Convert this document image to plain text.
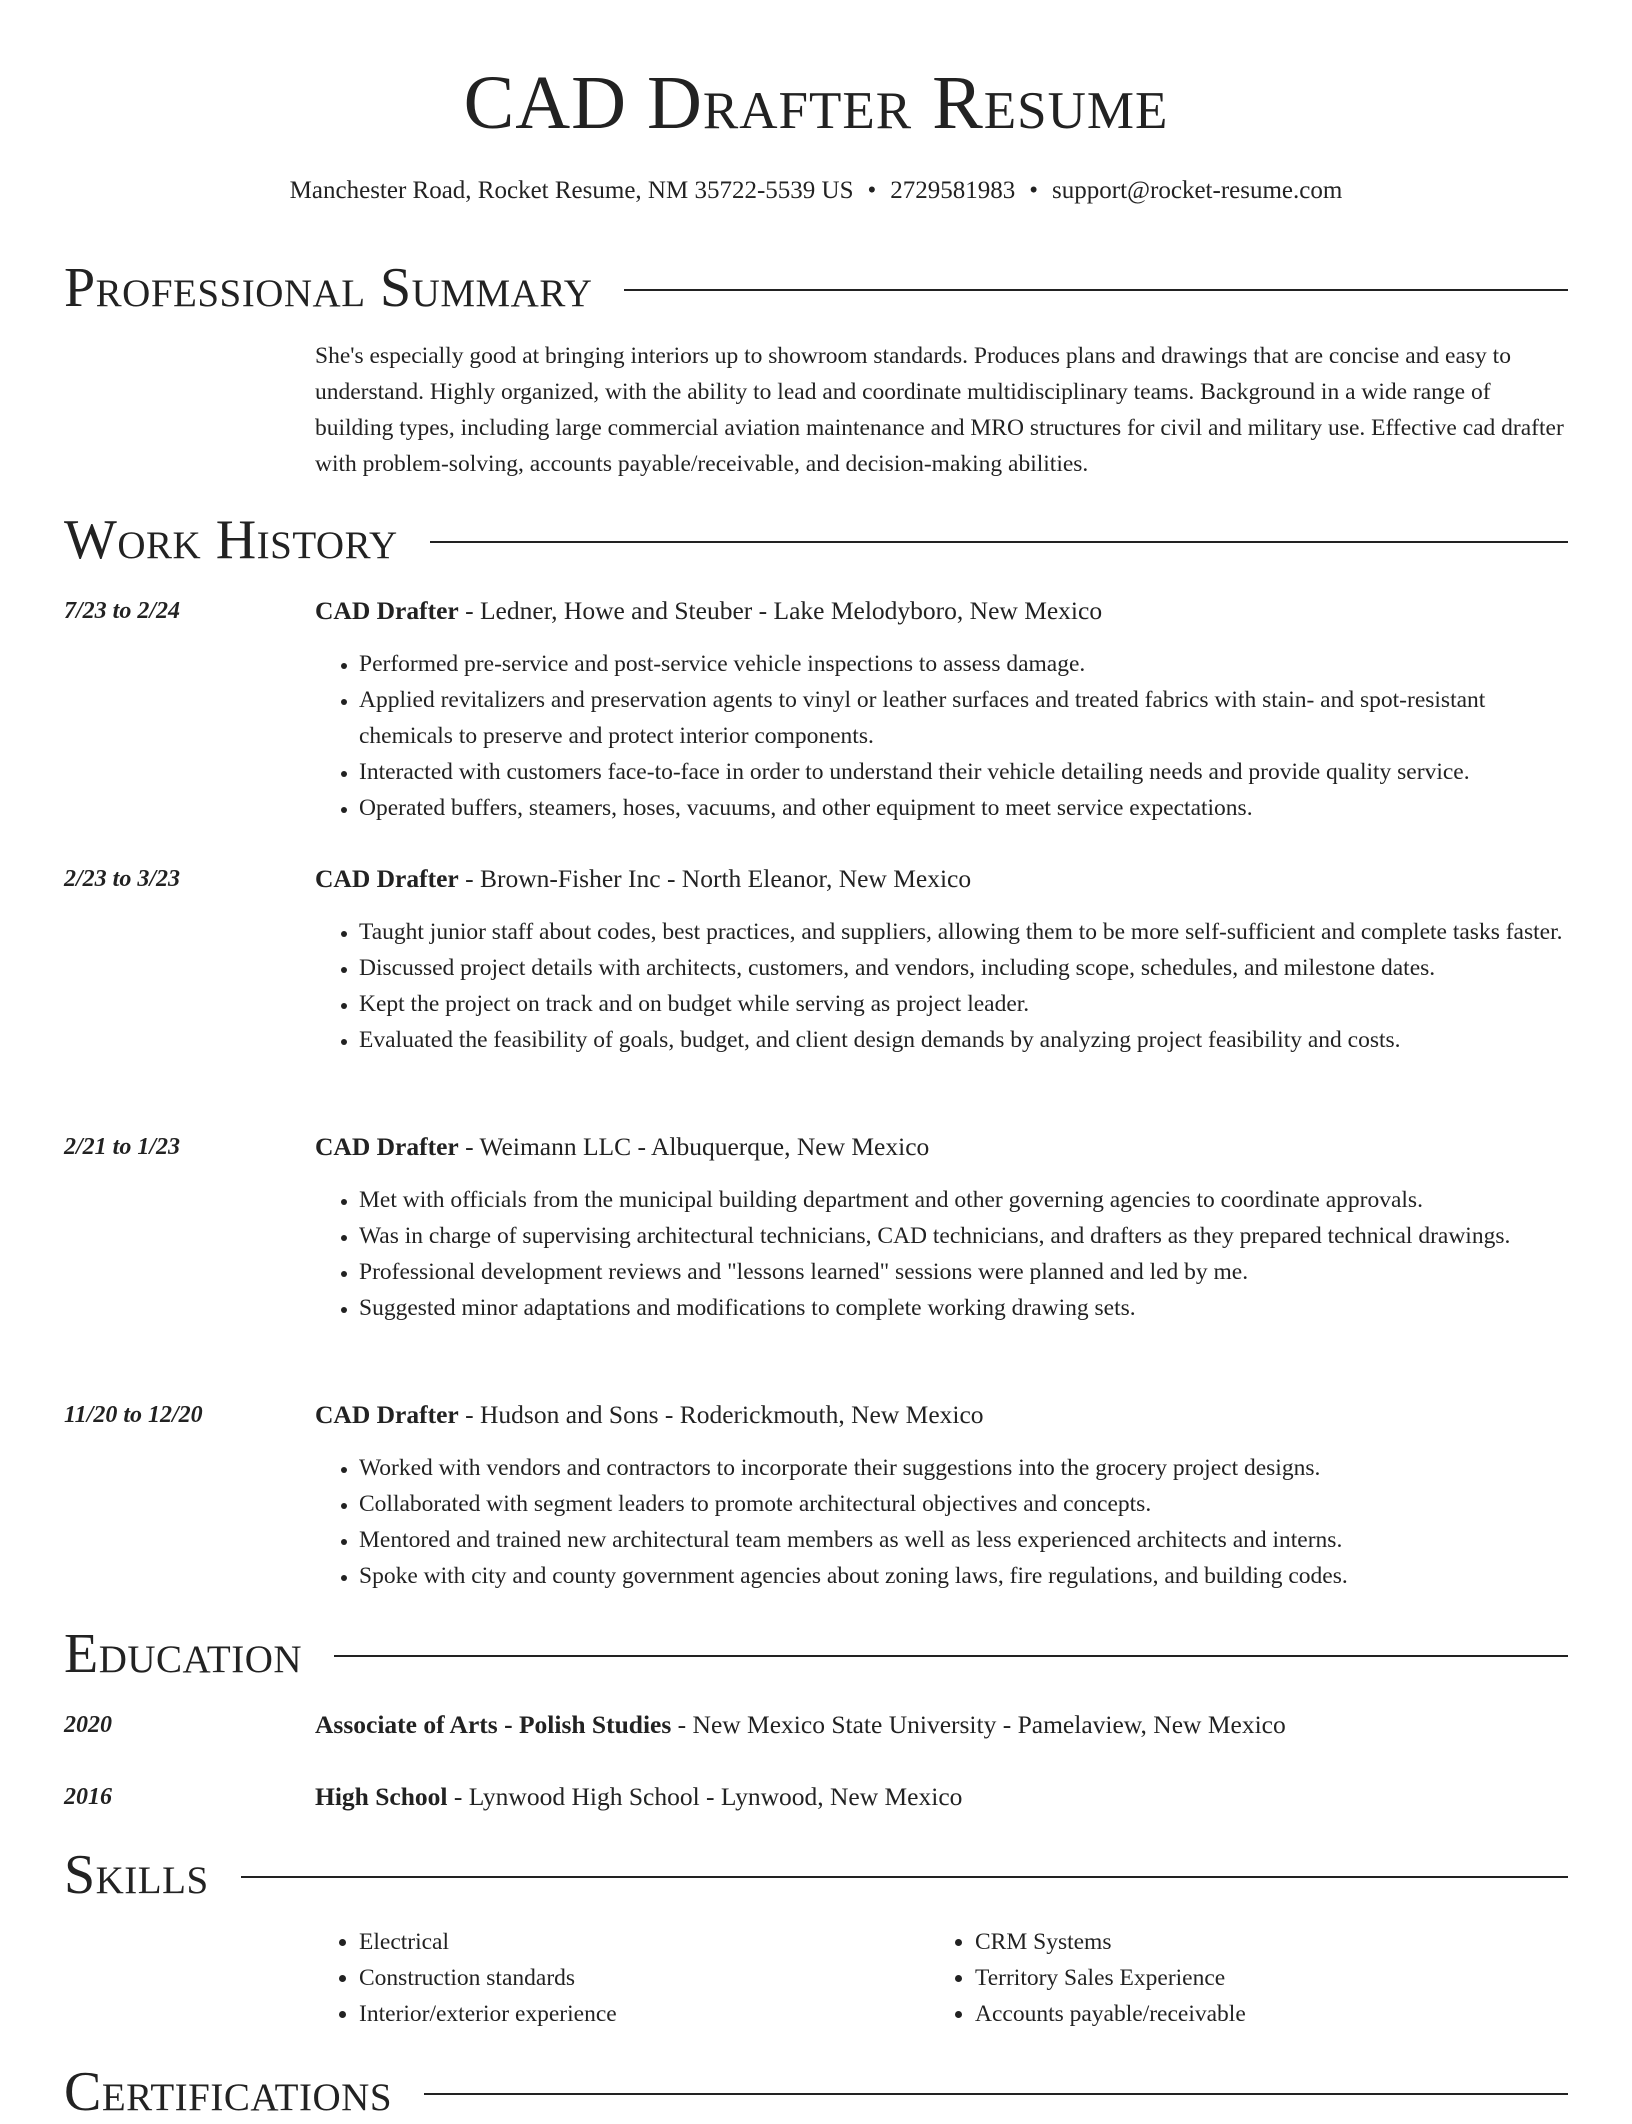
CAD Drafter Resume
Manchester Road, Rocket Resume, NM 35722-5539 US • 2729581983 • support@rocket-resume.com
Professional Summary
She's especially good at bringing interiors up to showroom standards. Produces plans and drawings that are concise and easy to understand. Highly organized, with the ability to lead and coordinate multidisciplinary teams. Background in a wide range of building types, including large commercial aviation maintenance and MRO structures for civil and military use. Effective cad drafter with problem-solving, accounts payable/receivable, and decision-making abilities.
Work History
7/23 to 2/24	CAD Drafter - Ledner, Howe and Steuber - Lake Melodyboro, New Mexico
• Performed pre-service and post-service vehicle inspections to assess damage.
• Applied revitalizers and preservation agents to vinyl or leather surfaces and treated fabrics with stain- and spot-resistant chemicals to preserve and protect interior components.
• Interacted with customers face-to-face in order to understand their vehicle detailing needs and provide quality service.
• Operated buffers, steamers, hoses, vacuums, and other equipment to meet service expectations.
2/23 to 3/23	CAD Drafter - Brown-Fisher Inc - North Eleanor, New Mexico
• Taught junior staff about codes, best practices, and suppliers, allowing them to be more self-sufficient and complete tasks faster.
• Discussed project details with architects, customers, and vendors, including scope, schedules, and milestone dates.
• Kept the project on track and on budget while serving as project leader.
• Evaluated the feasibility of goals, budget, and client design demands by analyzing project feasibility and costs.
2/21 to 1/23	CAD Drafter - Weimann LLC - Albuquerque, New Mexico
• Met with officials from the municipal building department and other governing agencies to coordinate approvals.
• Was in charge of supervising architectural technicians, CAD technicians, and drafters as they prepared technical drawings.
• Professional development reviews and "lessons learned" sessions were planned and led by me.
• Suggested minor adaptations and modifications to complete working drawing sets.
11/20 to 12/20	CAD Drafter - Hudson and Sons - Roderickmouth, New Mexico
• Worked with vendors and contractors to incorporate their suggestions into the grocery project designs.
• Collaborated with segment leaders to promote architectural objectives and concepts.
• Mentored and trained new architectural team members as well as less experienced architects and interns.
• Spoke with city and county government agencies about zoning laws, fire regulations, and building codes.
Education
2020	Associate of Arts - Polish Studies - New Mexico State University - Pamelaview, New Mexico
2016	High School - Lynwood High School - Lynwood, New Mexico
Skills
• Electrical
• Construction standards
• Interior/exterior experience
• CRM Systems
• Territory Sales Experience
• Accounts payable/receivable
Certifications
